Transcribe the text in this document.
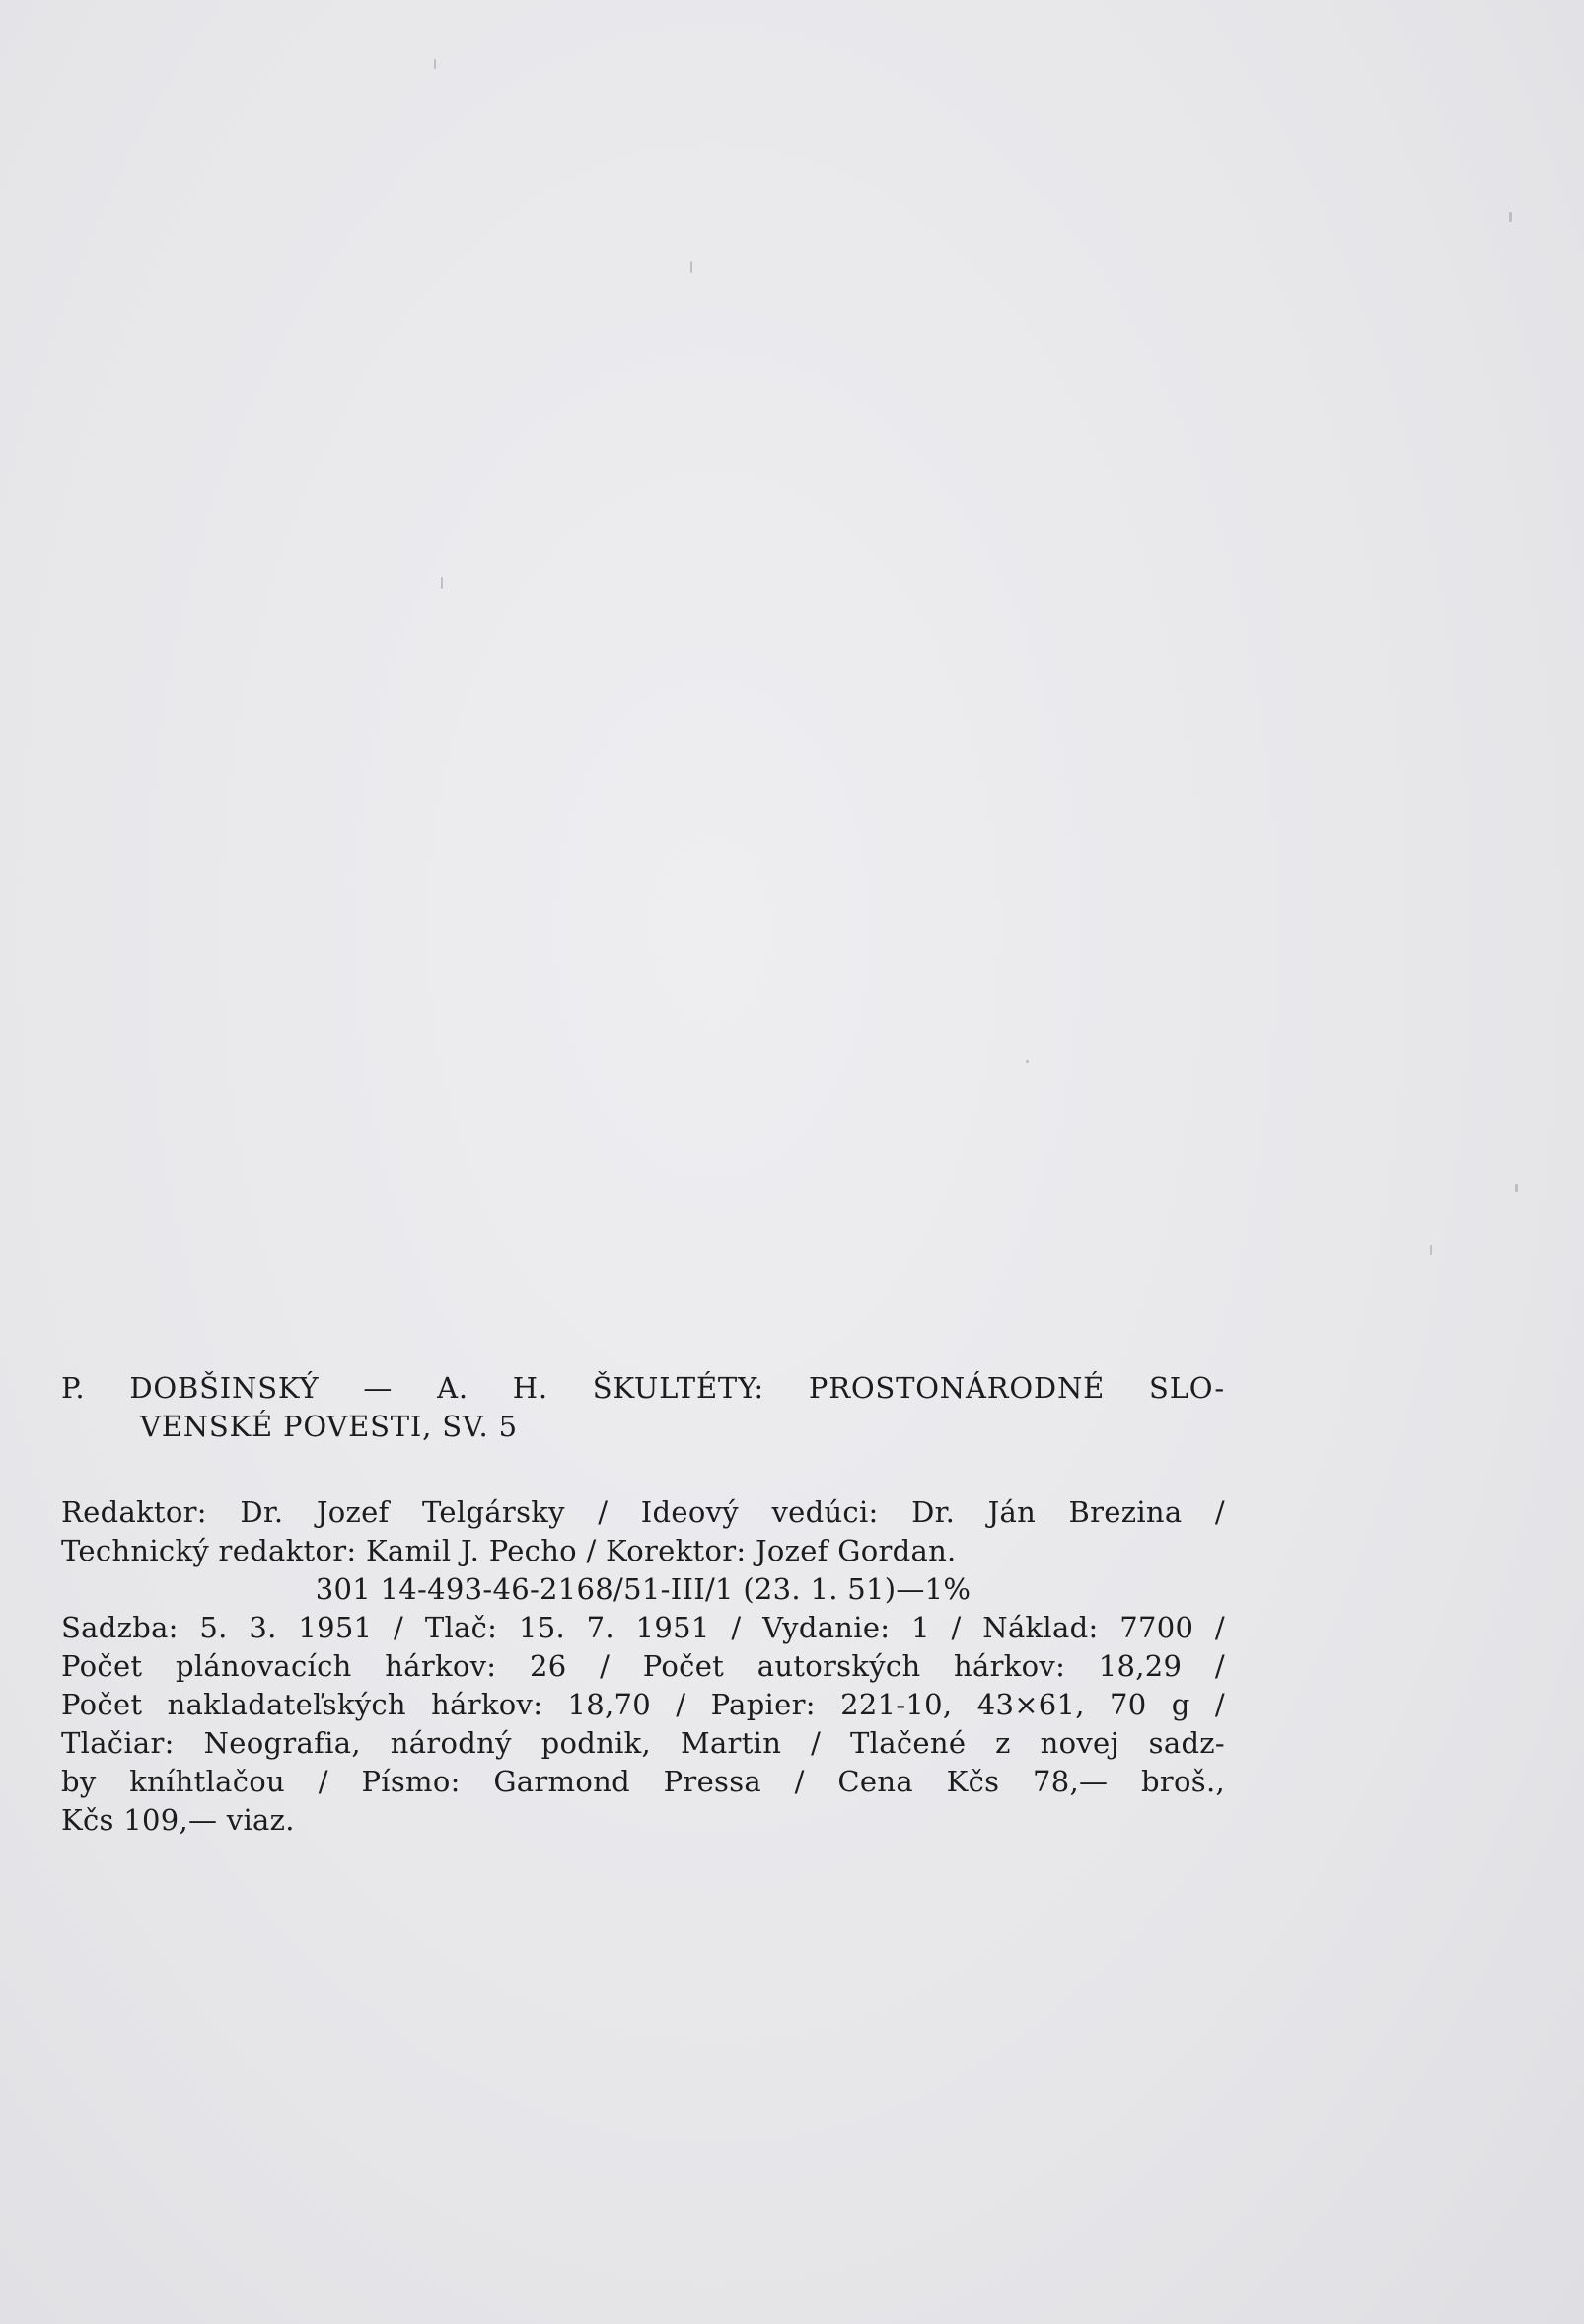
P. DOBŠINSKÝ — A. H. ŠKULTÉTY: PROSTONÁRODNÉ SLO-
VENSKÉ POVESTI, SV. 5
Redaktor: Dr. Jozef Telgársky / Ideový vedúci: Dr. Ján Brezina /
Technický redaktor: Kamil J. Pecho / Korektor: Jozef Gordan.
301 14-493-46-2168/51-III/1 (23. 1. 51)—1%
Sadzba: 5. 3. 1951 / Tlač: 15. 7. 1951 / Vydanie: 1 / Náklad: 7700 /
Počet plánovacích hárkov: 26 / Počet autorských hárkov: 18,29 /
Počet nakladateľských hárkov: 18,70 / Papier: 221-10, 43×61, 70 g /
Tlačiar: Neografia, národný podnik, Martin / Tlačené z novej sadz-
by kníhtlačou / Písmo: Garmond Pressa / Cena Kčs 78,— broš.,
Kčs 109,— viaz.
